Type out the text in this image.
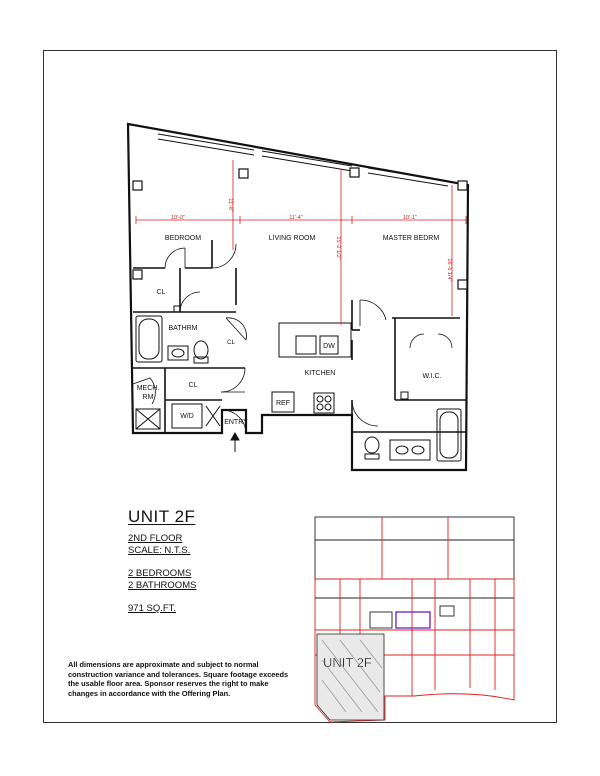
10'-0"	11'-4"	10'-1"
11'-8"
15'-2 1/2"
16'-5 1/4"
BEDROOM	LIVING ROOM	MASTER BEDRM
CL
BATHRM
MECH.
RM
CL
KITCHEN	W.I.C.
W/D
REF
DW
ENTRY
CL
UNIT 2F
UNIT 2F
2ND FLOOR
SCALE: N.T.S.
2 BEDROOMS
2 BATHROOMS
971 SQ.FT.
All dimensions are approximate and subject to normal construction variance and tolerances. Square footage exceeds the usable floor area. Sponsor reserves the right to make changes in accordance with the Offering Plan.
